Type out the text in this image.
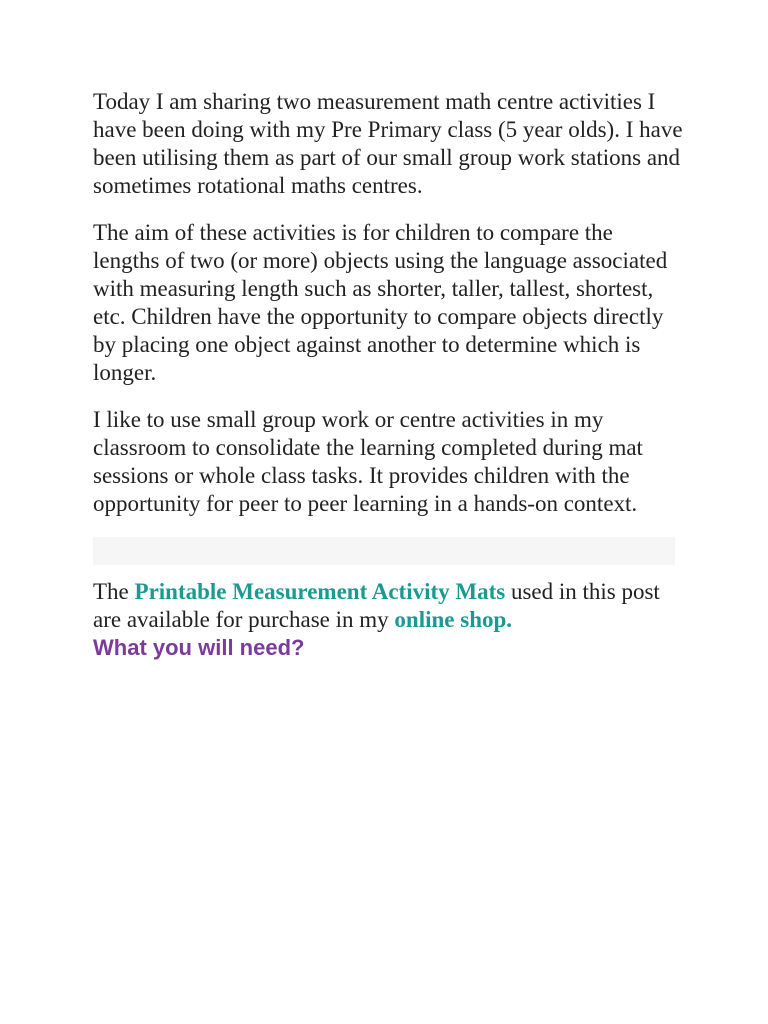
Today I am sharing two measurement math centre activities I have been doing with my Pre Primary class (5 year olds). I have been utilising them as part of our small group work stations and sometimes rotational maths centres.

The aim of these activities is for children to compare the lengths of two (or more) objects using the language associated with measuring length such as shorter, taller, tallest, shortest, etc. Children have the opportunity to compare objects directly by placing one object against another to determine which is longer.

I like to use small group work or centre activities in my classroom to consolidate the learning completed during mat sessions or whole class tasks. It provides children with the opportunity for peer to peer learning in a hands-on context.

The Printable Measurement Activity Mats used in this post are available for purchase in my online shop.

What you will need?
